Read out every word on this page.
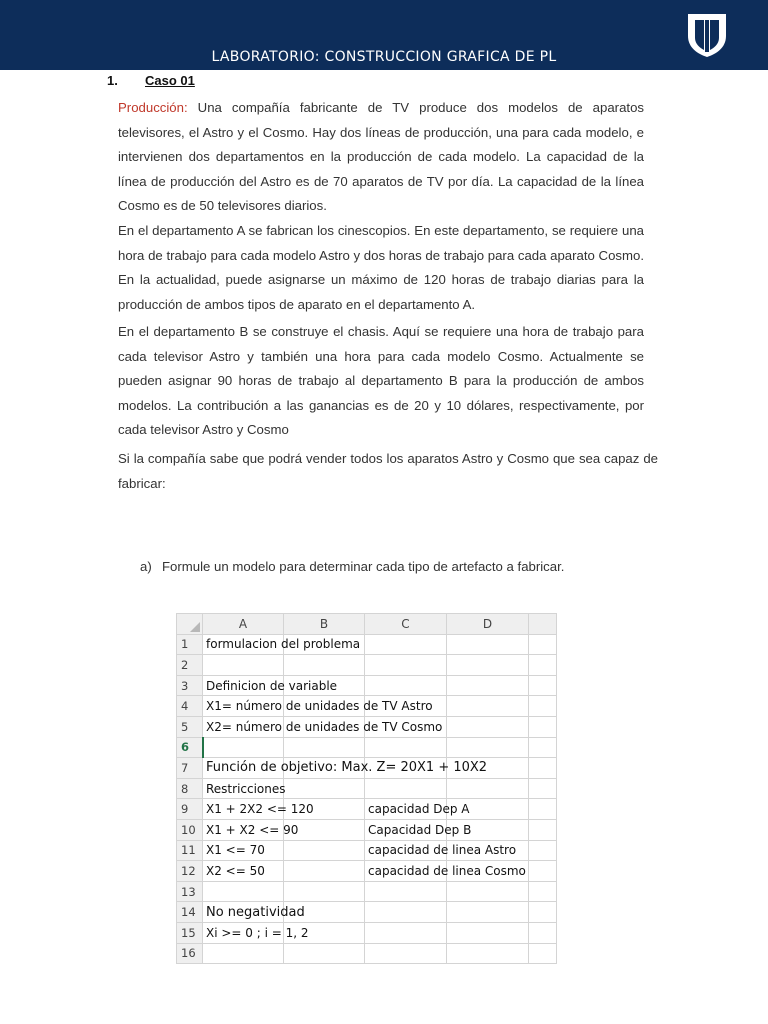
LABORATORIO: CONSTRUCCION GRAFICA DE PL
1. Caso 01
Producción: Una compañía fabricante de TV produce dos modelos de aparatos televisores, el Astro y el Cosmo. Hay dos líneas de producción, una para cada modelo, e intervienen dos departamentos en la producción de cada modelo. La capacidad de la línea de producción del Astro es de 70 aparatos de TV por día. La capacidad de la línea Cosmo es de 50 televisores diarios.
En el departamento A se fabrican los cinescopios. En este departamento, se requiere una hora de trabajo para cada modelo Astro y dos horas de trabajo para cada aparato Cosmo. En la actualidad, puede asignarse un máximo de 120 horas de trabajo diarias para la producción de ambos tipos de aparato en el departamento A.
En el departamento B se construye el chasis. Aquí se requiere una hora de trabajo para cada televisor Astro y también una hora para cada modelo Cosmo. Actualmente se pueden asignar 90 horas de trabajo al departamento B para la producción de ambos modelos. La contribución a las ganancias es de 20 y 10 dólares, respectivamente, por cada televisor Astro y Cosmo
Si la compañía sabe que podrá vender todos los aparatos Astro y Cosmo que sea capaz de fabricar:
a) Formule un modelo para determinar cada tipo de artefacto a fabricar.
	A	B	C	D	
1	formulacion del problema				
2					
3	Definicion de variable				
4	X1= número de unidades de TV Astro				
5	X2= número de unidades de TV Cosmo				
6					
7	Función de objetivo: Max. Z= 20X1 + 10X2				
8	Restricciones				
9	X1 + 2X2 <= 120		capacidad Dep A		
10	X1 + X2 <= 90		Capacidad Dep B		
11	X1 <= 70		capacidad de linea Astro		
12	X2 <= 50		capacidad de linea Cosmo		
13					
14	No negatividad				
15	Xi >= 0 ; i = 1, 2				
16					
